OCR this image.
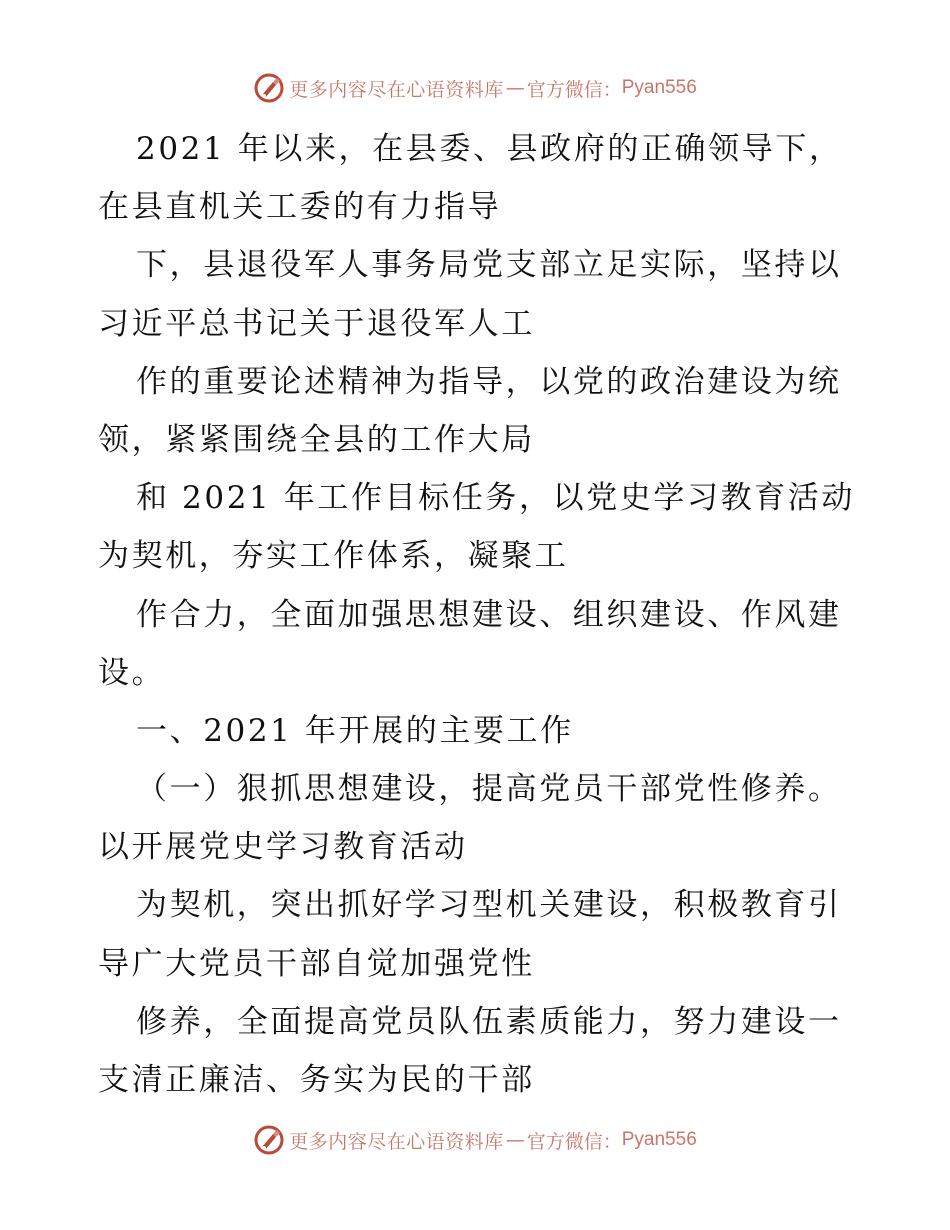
更多内容尽在心语资料库 — 官方微信： Pyan556
2021 年以来，在县委、县政府的正确领导下，
在县直机关工委的有力指导
下，县退役军人事务局党支部立足实际，坚持以
习近平总书记关于退役军人工
作的重要论述精神为指导，以党的政治建设为统
领，紧紧围绕全县的工作大局
和 2021 年工作目标任务，以党史学习教育活动
为契机，夯实工作体系，凝聚工
作合力，全面加强思想建设、组织建设、作风建
设。
一、2021 年开展的主要工作
（一）狠抓思想建设，提高党员干部党性修养。
以开展党史学习教育活动
为契机，突出抓好学习型机关建设，积极教育引
导广大党员干部自觉加强党性
修养，全面提高党员队伍素质能力，努力建设一
支清正廉洁、务实为民的干部
更多内容尽在心语资料库 — 官方微信： Pyan556
